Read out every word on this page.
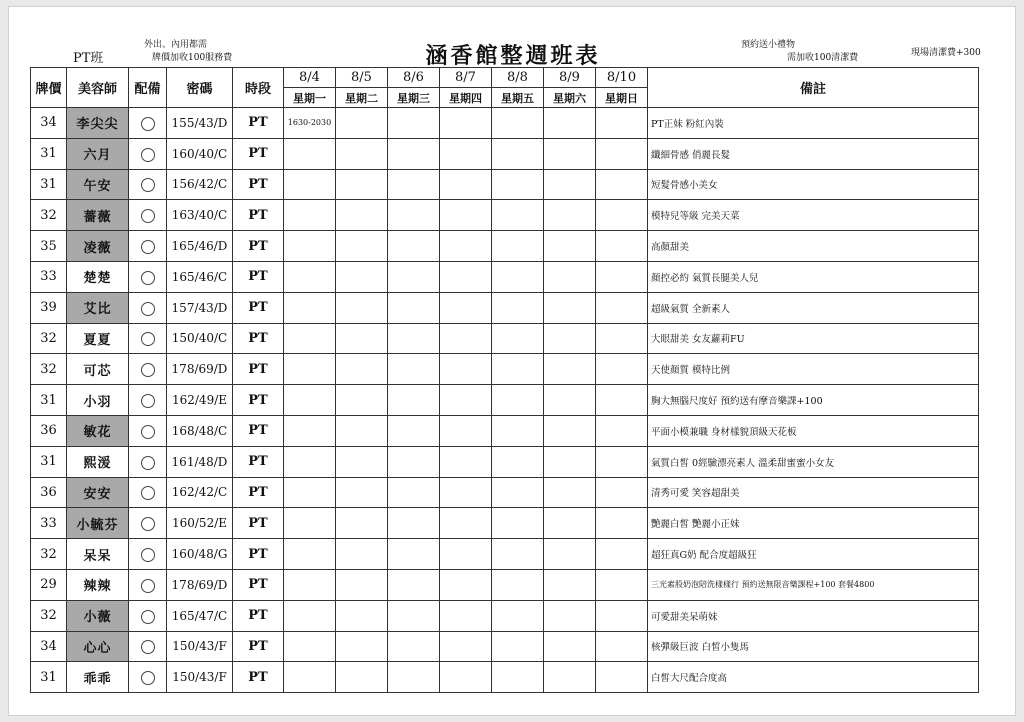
PT班
外出、內用都需
牌價加收100服務費	涵香館整週班表	預約送小禮物
需加收100清潔費	現場清潔費+300
牌價	美容師	配備	密碼	時段	8/4	8/5	8/6	8/7	8/8	8/9	8/10	備註
					星期一	星期二	星期三	星期四	星期五	星期六	星期日	
34	李尖尖		155/43/D	PT	1630-2030							PT正妹 粉紅內裝
31	六月		160/40/C	PT								纖細骨感 俏麗長髮
31	午安		156/42/C	PT								短髮骨感小美女
32	薔薇		163/40/C	PT								模特兒等級 完美天菜
35	凌薇		165/46/D	PT								高顏甜美
33	楚楚		165/46/C	PT								顏控必約 氣質長腿美人兒
39	艾比		157/43/D	PT								超級氣質 全新素人
32	夏夏		150/40/C	PT								大眼甜美 女友蘿莉FU
32	可芯		178/69/D	PT								天使顏質 模特比例
31	小羽		162/49/E	PT								胸大無腦尺度好 預約送有摩音樂課+100
36	敏花		168/48/C	PT								平面小模兼職 身材樣貌頂級天花板
31	熙湲		161/48/D	PT								氣質白皙 0經驗漂亮素人 溫柔甜蜜蜜小女友
36	安安		162/42/C	PT								清秀可愛 笑容超甜美
33	小毓芬		160/52/E	PT								艷麗白皙 艷麗小正妹
32	呆呆		160/48/G	PT								超狂真G奶 配合度超級狂
29	辣辣		178/69/D	PT								三光素股奶泡陪洗樣樣行 預約送無限音樂課程+100 套餐4800
32	小薇		165/47/C	PT								可愛甜美呆萌妹
34	心心		150/43/F	PT								核彈級巨波 白皙小隻馬
31	乖乖		150/43/F	PT								白皙大尺配合度高
